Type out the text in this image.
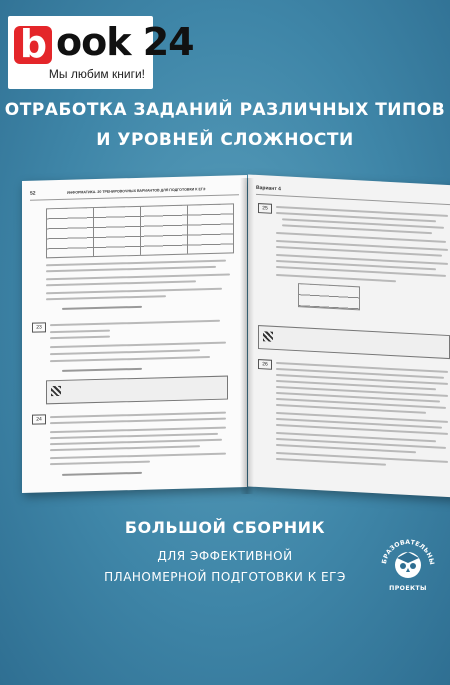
b ook 24
Мы любим книги!
ОТРАБОТКА ЗАДАНИЙ РАЗЛИЧНЫХ ТИПОВ
И УРОВНЕЙ СЛОЖНОСТИ
52	ИНФОРМАТИКА. 20 ТРЕНИРОВОЧНЫХ ВАРИАНТОВ ДЛЯ ПОДГОТОВКИ К ЕГЭ
23
24
Вариант 4
25
26
БОЛЬШОЙ СБОРНИК
ДЛЯ ЭФФЕКТИВНОЙ
ПЛАНОМЕРНОЙ ПОДГОТОВКИ К ЕГЭ
БРАЗОВАТЕЛЬНЫ
ПРОЕКТЫ
